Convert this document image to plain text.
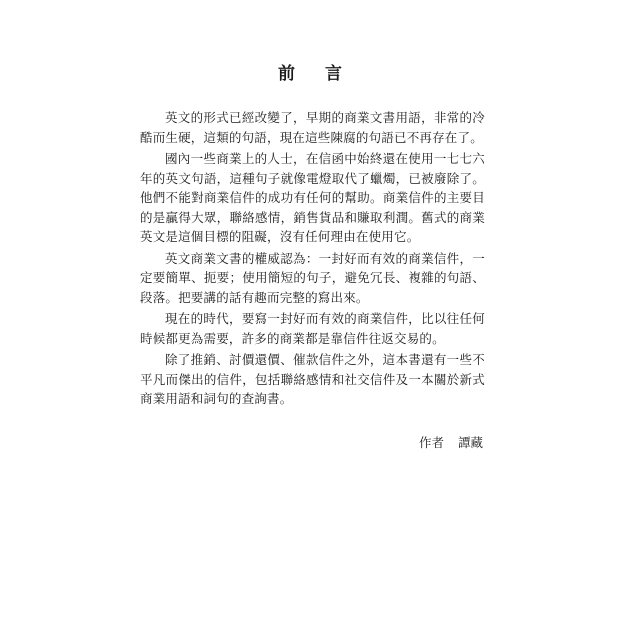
前言

英文的形式已經改變了，早期的商業文書用語，非常的冷酷而生硬，這類的句語，現在這些陳腐的句語已不再存在了。

國內一些商業上的人士，在信函中始終還在使用一七七六年的英文句語，這種句子就像電燈取代了蠟燭，已被廢除了。他們不能對商業信件的成功有任何的幫助。商業信件的主要目的是贏得大眾，聯絡感情，銷售貨品和賺取利潤。舊式的商業英文是這個目標的阻礙，沒有任何理由在使用它。

英文商業文書的權威認為：一封好而有效的商業信件，一定要簡單、扼要；使用簡短的句子，避免冗長、複雜的句語、段落。把要講的話有趣而完整的寫出來。

現在的時代，要寫一封好而有效的商業信件，比以往任何時候都更為需要，許多的商業都是靠信件往返交易的。

除了推銷、討價還價、催款信件之外，這本書還有一些不平凡而傑出的信件，包括聯絡感情和社交信件及一本關於新式商業用語和詞句的查詢書。

作者 譚藏
